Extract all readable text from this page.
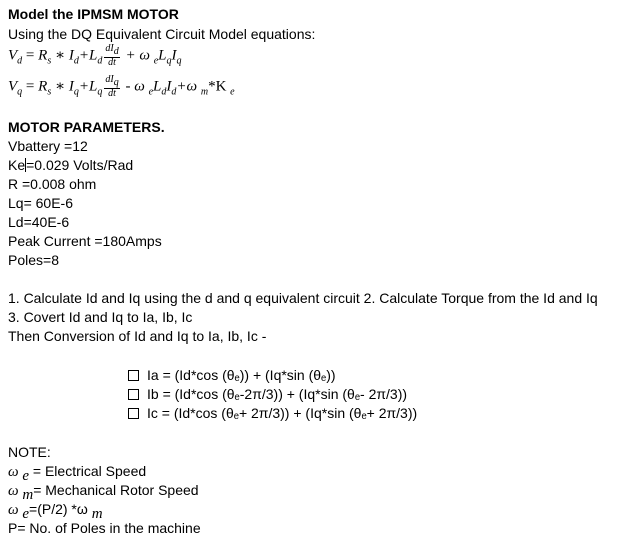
Model the IPMSM MOTOR
Using the DQ Equivalent Circuit Model equations:
$V_d = R_s$ ∗ $I_d+L_d \frac{dI_d}{dt} + \omega$ $_eL_qI_q$
$V_q = R_s$ ∗ $I_q+L_q \frac{dI_q}{dt} - \omega$ $_eL_dI_d+\omega$ $_m$*K $_e$
MOTOR PARAMETERS.
Vbattery =12
Ke=0.029 Volts/Rad
R =0.008 ohm
Lq= 60E-6
Ld=40E-6
Peak Current =180Amps
Poles=8
1. Calculate Id and Iq using the d and q equivalent circuit 2. Calculate Torque from the Id and Iq
3. Covert Id and Iq to Ia, Ib, Ic
Then Conversion of Id and Iq to Ia, Ib, Ic -
Ia = (Id*cos (θₑ)) + (Iq*sin (θₑ))
Ib = (Id*cos (θₑ-2π/3)) + (Iq*sin (θₑ- 2π/3))
Ic = (Id*cos (θₑ+ 2π/3)) + (Iq*sin (θₑ+ 2π/3))
NOTE:
ω $_e$ = Electrical Speed
ω $_m$= Mechanical Rotor Speed
ω $_e$=(P/2) *ω $_m$
P= No. of Poles in the machine
